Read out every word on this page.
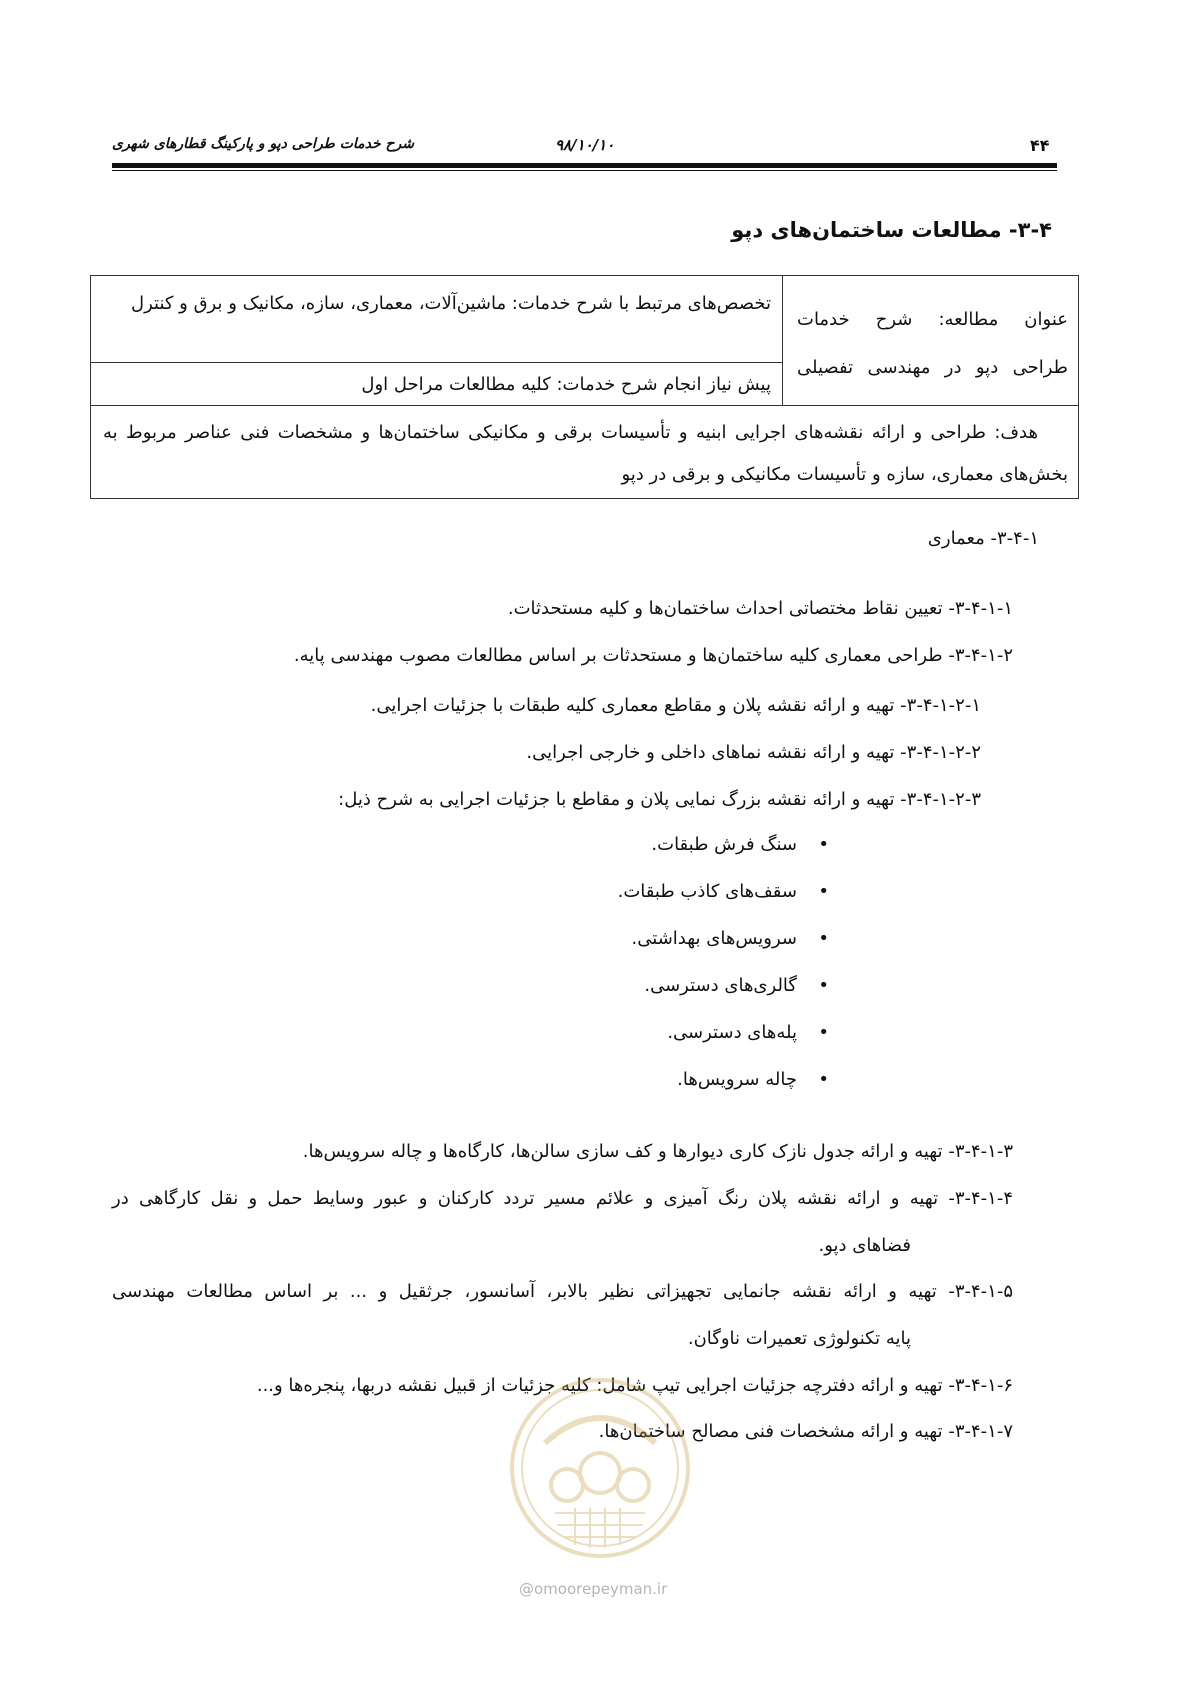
۴۴
۹۸/۱۰/۱۰
شرح خدمات طراحی دپو و پارکینگ قطارهای شهری
۳-۴- مطالعات ساختمان‌های دپو
عنوان مطالعه: شرح خدمات طراحی دپو در مهندسی تفصیلی
تخصص‌های مرتبط با شرح خدمات: ماشین‌آلات، معماری، سازه، مکانیک و برق و کنترل
پیش نیاز انجام شرح خدمات: کلیه مطالعات مراحل اول
هدف: طراحی و ارائه نقشه‌های اجرایی ابنیه و تأسیسات برقی و مکانیکی ساختمان‌ها و مشخصات فنی عناصر مربوط به
بخش‌های معماری، سازه و تأسیسات مکانیکی و برقی در دپو
۳-۴-۱- معماری
۳-۴-۱-۱- تعیین نقاط مختصاتی احداث ساختمان‌ها و کلیه مستحدثات.
۳-۴-۱-۲- طراحی معماری کلیه ساختمان‌ها و مستحدثات بر اساس مطالعات مصوب مهندسی پایه.
۳-۴-۱-۲-۱- تهیه و ارائه نقشه پلان و مقاطع معماری کلیه طبقات با جزئیات اجرایی.
۳-۴-۱-۲-۲- تهیه و ارائه نقشه نماهای داخلی و خارجی اجرایی.
۳-۴-۱-۲-۳- تهیه و ارائه نقشه بزرگ نمایی پلان و مقاطع با جزئیات اجرایی به شرح ذیل:
سنگ فرش طبقات. •
سقف‌های کاذب طبقات. •
سرویس‌های بهداشتی. •
گالری‌های دسترسی. •
پله‌های دسترسی. •
چاله سرویس‌ها. •
۳-۴-۱-۳- تهیه و ارائه جدول نازک کاری دیوارها و کف سازی سالن‌ها، کارگاه‌ها و چاله سرویس‌ها.
۳-۴-۱-۴- تهیه و ارائه نقشه پلان رنگ آمیزی و علائم مسیر تردد کارکنان و عبور وسایط حمل و نقل کارگاهی در
فضاهای دپو.
۳-۴-۱-۵- تهیه و ارائه نقشه جانمایی تجهیزاتی نظیر بالابر، آسانسور، جرثقیل و ... بر اساس مطالعات مهندسی
پایه تکنولوژی تعمیرات ناوگان.
۳-۴-۱-۶- تهیه و ارائه دفترچه جزئیات اجرایی تیپ شامل: کلیه جزئیات از قبیل نقشه دربها، پنجره‌ها و...
۳-۴-۱-۷- تهیه و ارائه مشخصات فنی مصالح ساختمان‌ها.
@omoorepeyman.ir
